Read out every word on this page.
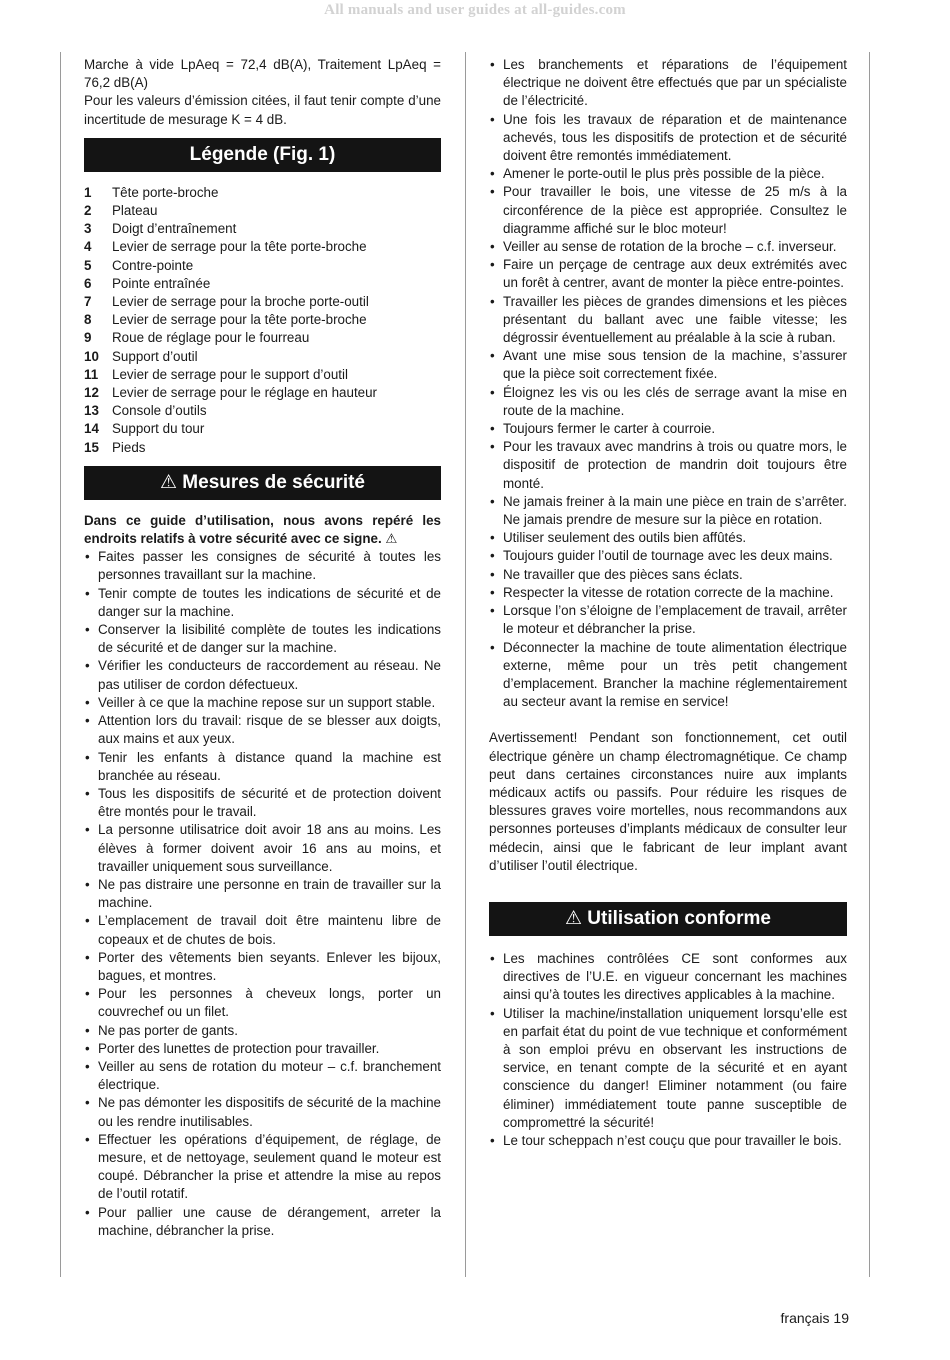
All manuals and user guides at all-guides.com

Marche à vide LpAeq = 72,4 dB(A), Traitement LpAeq = 76,2 dB(A)

Pour les valeurs d’émission citées, il faut tenir compte d’une incertitude de mesurage K = 4 dB.

Légende (Fig. 1)
1	Tête porte-broche
2	Plateau
3	Doigt d’entraînement
4	Levier de serrage pour la tête porte-broche
5	Contre-pointe
6	Pointe entraînée
7	Levier de serrage pour la broche porte-outil
8	Levier de serrage pour la tête porte-broche
9	Roue de réglage pour le fourreau
10 Support d’outil
11	Levier de serrage pour le support d’outil
12 Levier de serrage pour le réglage en hauteur
13 Console d’outils
14 Support du tour
15 Pieds
⚠ Mesures de sécurité

Dans ce guide d’utilisation, nous avons repéré les endroits relatifs à votre sécurité avec ce signe. ⚠

• Faites passer les consignes de sécurité à toutes les personnes travaillant sur la machine.
• Tenir compte de toutes les indications de sécurité et de danger sur la machine.
• Conserver la lisibilité complète de toutes les indications de sécurité et de danger sur la machine.
• Vérifier les conducteurs de raccordement au réseau. Ne pas utiliser de cordon défectueux.
• Veiller à ce que la machine repose sur un support stable.
• Attention lors du travail: risque de se blesser aux doigts, aux mains et aux yeux.
• Tenir les enfants à distance quand la machine est branchée au réseau.
• Tous les dispositifs de sécurité et de protection doivent être montés pour le travail.
• La personne utilisatrice doit avoir 18 ans au moins. Les élèves à former doivent avoir 16 ans au moins, et travailler uniquement sous surveillance.
• Ne pas distraire une personne en train de travailler sur la machine.
• L’emplacement de travail doit être maintenu libre de copeaux et de chutes de bois.
• Porter des vêtements bien seyants. Enlever les bijoux, bagues, et montres.
• Pour les personnes à cheveux longs, porter un couvrechef ou un filet.
• Ne pas porter de gants.
• Porter des lunettes de protection pour travailler.
• Veiller au sens de rotation du moteur – c.f. branchement électrique.
• Ne pas démonter les dispositifs de sécurité de la machine ou les rendre inutilisables.
• Effectuer les opérations d’équipement, de réglage, de mesure, et de nettoyage, seulement quand le moteur est coupé. Débrancher la prise et attendre la mise au repos de l’outil rotatif.
• Pour pallier une cause de dérangement, arreter la machine, débrancher la prise.
• Les branchements et réparations de l’équipement électrique ne doivent être effectués que par un spécialiste de l’électricité.
• Une fois les travaux de réparation et de maintenance achevés, tous les dispositifs de protection et de sécurité doivent être remontés immédiatement.
• Amener le porte-outil le plus près possible de la pièce.
• Pour travailler le bois, une vitesse de 25 m/s à la circonférence de la pièce est appropriée. Consultez le diagramme affiché sur le bloc moteur!
• Veiller au sense de rotation de la broche – c.f. inverseur.
• Faire un perçage de centrage aux deux extrémités avec un forêt à centrer, avant de monter la pièce entre-pointes.
• Travailler les pièces de grandes dimensions et les pièces présentant du ballant avec une faible vitesse; les dégrossir éventuellement au préalable à la scie à ruban.
• Avant une mise sous tension de la machine, s’assurer que la pièce soit correctement fixée.
• Éloignez les vis ou les clés de serrage avant la mise en route de la machine.
• Toujours fermer le carter à courroie.
• Pour les travaux avec mandrins à trois ou quatre mors, le dispositif de protection de mandrin doit toujours être monté.
• Ne jamais freiner à la main une pièce en train de s’arrêter. Ne jamais prendre de mesure sur la pièce en rotation.
• Utiliser seulement des outils bien affûtés.
• Toujours guider l’outil de tournage avec les deux mains.
• Ne travailler que des pièces sans éclats.
• Respecter la vitesse de rotation correcte de la machine.
• Lorsque l’on s’éloigne de l’emplacement de travail, arrêter le moteur et débrancher la prise.
• Déconnecter la machine de toute alimentation électrique externe, même pour un très petit changement d’emplacement. Brancher la machine réglementairement au secteur avant la remise en service!

Avertissement! Pendant son fonctionnement, cet outil électrique génère un champ électromagnétique. Ce champ peut dans certaines circonstances nuire aux implants médicaux actifs ou passifs. Pour réduire les risques de blessures graves voire mortelles, nous recommandons aux personnes porteuses d’implants médicaux de consulter leur médecin, ainsi que le fabricant de leur implant avant d’utiliser l’outil électrique.

⚠ Utilisation conforme
• Les machines contrôlées CE sont conformes aux directives de l’U.E. en vigueur concernant les machines ainsi qu’à toutes les directives applicables à la machine.
• Utiliser la machine/installation uniquement lorsqu’elle est en parfait état du point de vue technique et conformément à son emploi prévu en observant les instructions de service, en tenant compte de la sécurité et en ayant conscience du danger! Eliminer notamment (ou faire éliminer) immédiatement toute panne susceptible de compromettré la sécurité!
• Le tour scheppach n’est couçu que pour travailler le bois.
français 19
